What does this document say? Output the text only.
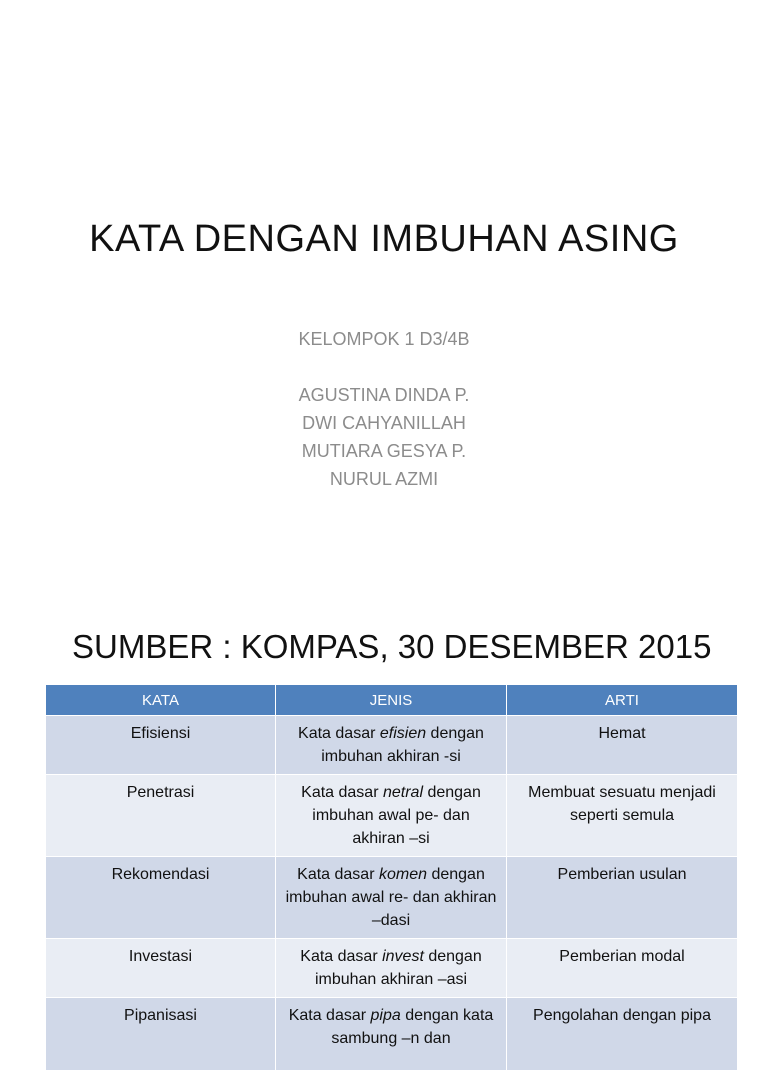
KATA DENGAN IMBUHAN ASING
KELOMPOK 1 D3/4B
AGUSTINA DINDA P.
DWI CAHYANILLAH
MUTIARA GESYA P.
NURUL AZMI
SUMBER : KOMPAS, 30 DESEMBER 2015
KATA	JENIS	ARTI
Efisiensi	Kata dasar efisien dengan imbuhan akhiran -si	Hemat
Penetrasi	Kata dasar netral dengan imbuhan awal pe- dan akhiran –si	Membuat sesuatu menjadi seperti semula
Rekomendasi	Kata dasar komen dengan imbuhan awal re- dan akhiran –dasi	Pemberian usulan
Investasi	Kata dasar invest dengan imbuhan akhiran –asi	Pemberian modal
Pipanisasi	Kata dasar pipa dengan kata sambung –n dan	Pengolahan dengan pipa
